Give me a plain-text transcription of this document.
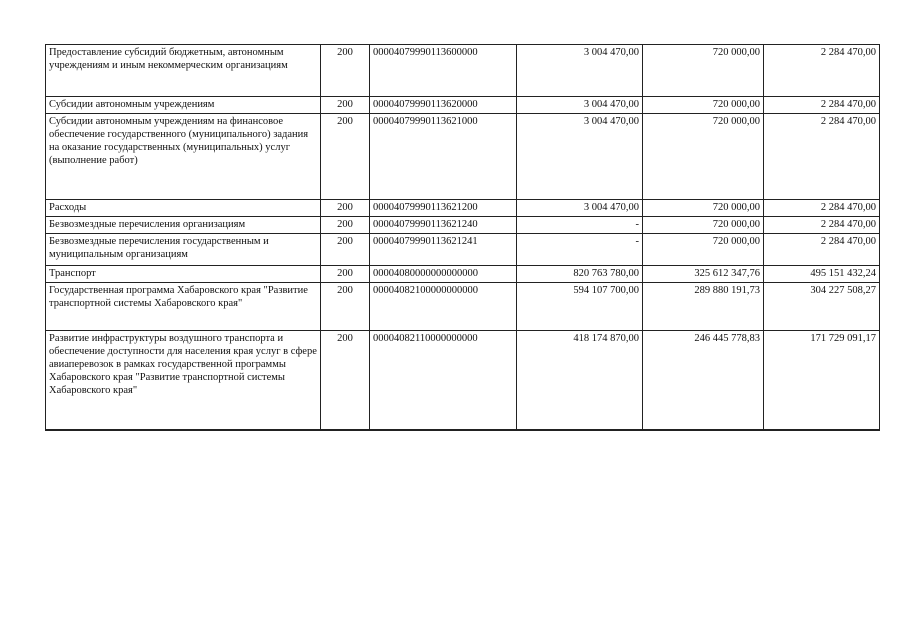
Предоставление субсидий бюджетным, автономным учреждениям и иным некоммерческим организациям	200	00004079990113600000	3 004 470,00	720 000,00	2 284 470,00
Субсидии автономным учреждениям	200	00004079990113620000	3 004 470,00	720 000,00	2 284 470,00
Субсидии автономным учреждениям на финансовое обеспечение государственного (муниципального) задания на оказание государственных (муниципальных) услуг (выполнение работ)	200	00004079990113621000	3 004 470,00	720 000,00	2 284 470,00
Расходы	200	00004079990113621200	3 004 470,00	720 000,00	2 284 470,00
Безвозмездные перечисления организациям	200	00004079990113621240	-	720 000,00	2 284 470,00
Безвозмездные перечисления государственным и муниципальным организациям	200	00004079990113621241	-	720 000,00	2 284 470,00
Транспорт	200	00004080000000000000	820 763 780,00	325 612 347,76	495 151 432,24
Государственная программа Хабаровского края "Развитие транспортной системы Хабаровского края"	200	00004082100000000000	594 107 700,00	289 880 191,73	304 227 508,27
Развитие инфраструктуры воздушного транспорта и обеспечение доступности для населения края услуг в сфере авиаперевозок в рамках государственной программы Хабаровского края "Развитие транспортной системы Хабаровского края"	200	00004082110000000000	418 174 870,00	246 445 778,83	171 729 091,17
